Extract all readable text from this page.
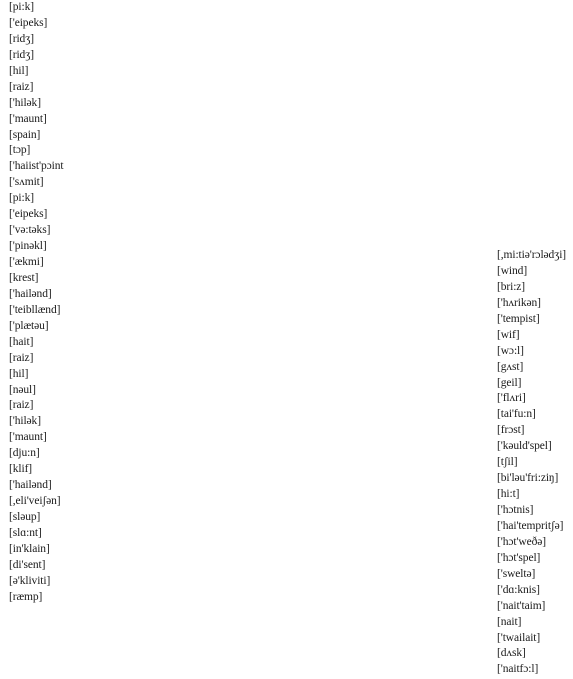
[pi:k]
['eipeks]
[ridʒ]
[ridʒ]
[hil]
[raiz]
['hilək]
['maunt]
[spain]
[tɔp]
['haiist'pɔint
['sʌmit]
[pi:k]
['eipeks]
['və:təks]
['pinəkl]
['ækmi]
[krest]
['hailənd]
['teibllænd]
['plætəu]
[hait]
[raiz]
[hil]
[nəul]
[raiz]
['hilək]
['maunt]
[dju:n]
[klif]
['hailənd]
[,eli'veiʃən]
[sləup]
[slɑ:nt]
[in'klain]
[di'sent]
[ə'kliviti]
[ræmp]
[,mi:tiə'rɔlədʒi]
[wind]
[bri:z]
['hʌrikən]
['tempist]
[wif]
[wɔ:l]
[gʌst]
[geil]
['flʌri]
[tai'fu:n]
[frɔst]
['kəuld'spel]
[tʃil]
[bi'ləu'fri:ziŋ]
[hi:t]
['hɔtnis]
['hai'tempritʃə]
['hɔt'weðə]
['hɔt'spel]
['sweltə]
['dɑ:knis]
['nait'taim]
[nait]
['twailait]
[dʌsk]
['naitfɔ:l]
